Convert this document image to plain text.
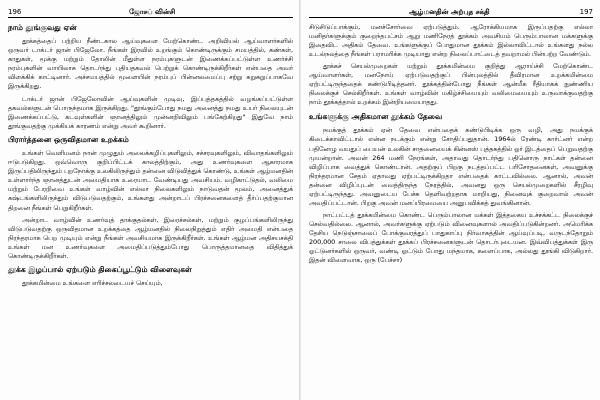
196	ஜோசப் வின்சி
நாம் தூங்குவது ஏன்

தூக்கத்தைப் பற்றிய நீண்டகால ஆய்வுகளை மேற்கொண்ட அறிவியல் ஆய்வாளர்களில் ஒருவர் டாக்டர் ஜான் பிஜேலோ. நீங்கள் இரவில் உறங்கும் கொண்டிருக்கும் சமயத்தில், கண்கள், காதுகள், மூக்கு மற்றும் தோலின் மீதுள்ள நரம்புகளுடன் இணைக்கப்பட்டுள்ள உணர்ச்சி நரம்புகளின் வாயிலாக தொடர்ந்து புதியதகவல் பெற்றுக் கொண்டிருக்கிறீர்கள் என்பதை அவர் விளக்கிக் காட்டினார். அச்சமயத்தில் மூளையின் நரம்புப் பின்னலமைப்பு சற்று சுறுசுறுப்பாகவே இருக்கிறது.

டாக்டர் ஜான் பிஜேலோவின் ஆய்வுகளின் முடிவு, இப்புத்தகத்தில் வழங்கப்பட்டுள்ள தகவல்களுடன் பொருந்தமாக இருக்கிறது. "தூங்கும்போது நமது அனைத்து நமது உயர் நிலையுடன் இணைக்கப்பட்டு, கடவுள்களின் ஞானத்திலும் முன்னறிவிலும் பங்கேற்கிறது" இதுவே நாம் தூங்குவதற்கு முக்கியக் காரணம் என்று அவர் கூறினார்.

பிரார்த்தனை ஒருவிதமான உறக்கம்

உங்கள் வெளிமனம் நான் முழுதும் அலைக்கழிப்புகளிலும், சச்சரவுகளிலும், விவாதங்களிலும் ஈடுபடுகிறது. ஒவ்வொரு குறிப்பிட்டக் காலத்திற்கும், அது உணர்வுகளை ஆகாரமாக இருப்பதிலிருந்தும் புறநோக்கு உலகிலிருந்தும் தன்னை விடுவித்துக் கொண்டு, உங்கள் ஆழ்மனதின் உள்ளார்ந்த ஞானத்துடன் அமைதியாக உரையாட வேண்டியது அவசியம். வழிகாட்டுதல், வலிமை மற்றும் பேரறிவை உங்கள் வாழ்வின் எல்லா நிலைகளிலும் நாடுவதன் மூலம், அனைத்துக் கஷ்டங்களிலிருந்தும் விடுபடுவதற்கும், உங்களது அன்றாடப் பிரச்சனைகளைத் தீர்ப்பதற்குமான திறனை நீங்கள் பெறுகிறீர்கள்.

அன்றாட வாழ்வின் உணர்வுத் தாக்குதல்கள், இரைச்சல்கள், மற்றும் குழப்பங்களிலிருந்து விடுபடுவதற்கு ஒருவிதமான உறக்கத்தை ஆழ்மனதில் நிலைநிறுத்தும் எதிர் அமைதி என்பதை நிரந்தரமாக பெற முடியும் என்று நீங்கள் அவசியமாக இருக்கிறீர்கள். உங்கள் ஆழ்மன அதிசயசக்தி உங்கள் மன உணர்வுகளை அமைதிப்படுத்தும்போது பொருத்தமானதை விதித்துக் கொண்டிருக்கிறீர்கள்.

தூக்க இழப்பால் ஏற்படும் திகைப்பூட்டும் விளைவுகள்

தூக்கமின்மை உங்களை எரிச்சலடையச் செய்யும்,

ஆழ்மனதின் அற்புத சக்தி	197

சிடுசிடுப்பாக்கும், மனச்சோர்வை ஏற்படுத்தும். ஆரோக்கியமாக இருப்பதற்கு எல்லா மனிதர்களுக்கும் குறைந்தபட்சம் ஆறு மணிநேரத் தூக்கம் அவசியம் பெரும்பாலான மக்களுக்கு இதைவிட அதிகம் தேவை. உங்களுக்குப் போதுமான தூக்கம் இல்லாவிட்டால் உங்களது நல்ல உடல்நலத்தை நீங்கள் பராமரிக்க முடியாது என்ற நிலைப்பாட்டைத் தவறாமல் பின்பற்ற வேண்டும்.

தூக்கச் செயல்முறைகள் மற்றும் தூக்கமின்மை குறித்து ஆராய்ச்சி மேற்கொண்ட ஆய்வாளர்கள், மனநோய் ஏற்படுவதற்குப் பின்புலத்தில் தீவிரமான உறக்கமின்மை ஏற்பட்டிருந்ததைக் கண்டுபிடித்தனர். தூக்கத்தின்போது நீங்கள் ஆன்மீக ரீதியாகக் நுண்ணிய நிலைக்குச் செல்கிறீர்கள். உங்கள் வாழ்வின் மகிழ்ச்சியையும் வலிமையையும் உருவாக்குவதற்கு நாம் தூக்கத்தால் உறக்கம் இன்றியமையாதது.

உங்களுக்கு அதிகமான தூக்கம் தேவை

நமக்குத் தூக்கம் ஏன் தேவை என்பதைக் கண்டுபிடிக்க ஒரு வழி, அது நமக்குக் கிடைக்காவிட்டால் என்ன நடக்கும் என்று சோதிப்பதுதான். 1964ல் ரேண்டி கார்ட்னர் என்ற பதினேழு வயதுப் பையன் உலகின் சாதனையைக் கின்னஸ் புத்தகத்தில் ஓர் இடத்தைப் பெறுவதற்கு முயன்றான். அவன் 264 மணி நேரங்கள், அதாவது தொடர்ந்து பதினொரு நாட்கள் தன்னை விழிப்பாக வைத்துக் கொண்டான். அதற்குப் பிறகு நடத்தப்பட்ட பரிசோதனைகள், அவனுக்கு நிரந்தரமான சேதம் ஏதாவது ஏற்பட்டிருக்கிறதா என்பதைக் காட்டவில்லை. ஆனால், அவன் தன்னை விழிப்புடன் வைத்திருந்த நேரத்தில், அவனது ஒரு செயல்முறைகளில் சீரழிவு ஏற்பட்டிருந்தது. அவனுடைய பேச்சு தெளிவற்றதாக மாறியது, நினைவுக் குறைவால் அவன் அவதிப்பட்டான். பிறகு அவன் மனப்பிரமையை அனுபவிக்கத் துவங்கினான்.

நாட்பட்டத் தூக்கமின்மை கொண்ட பெரும்பாலான மக்கள் இத்தகைய உச்சக்கட்ட நிலைக்குச் செல்வதில்லை. ஆனால், அவர்களுக்கு ஏற்படும் வினைவுகளால் அவதிப்படுகின்றனர். அமெரிக்க தேசிய நெடுஞ்சாலைப் போக்குவரத்துப் பாதுகாப்பு நிர்வாகத்தின் ஆய்வுப்படி, வருடந்தோறும் 200,000 சாலை விபத்துக்கள் தூக்கப் பிரச்சனைகளுடன் தொடர்புடையன. இவ்விபத்துக்கள் இரு ஓட்டுனர்களில் ஒருவர், வண்டி ஓட்டும் போது மந்தமாக, களைப்பாக, அல்லது தூங்கி விடுகிறார். இதன் விளைவாக, ஒரு (பேச்சா)
